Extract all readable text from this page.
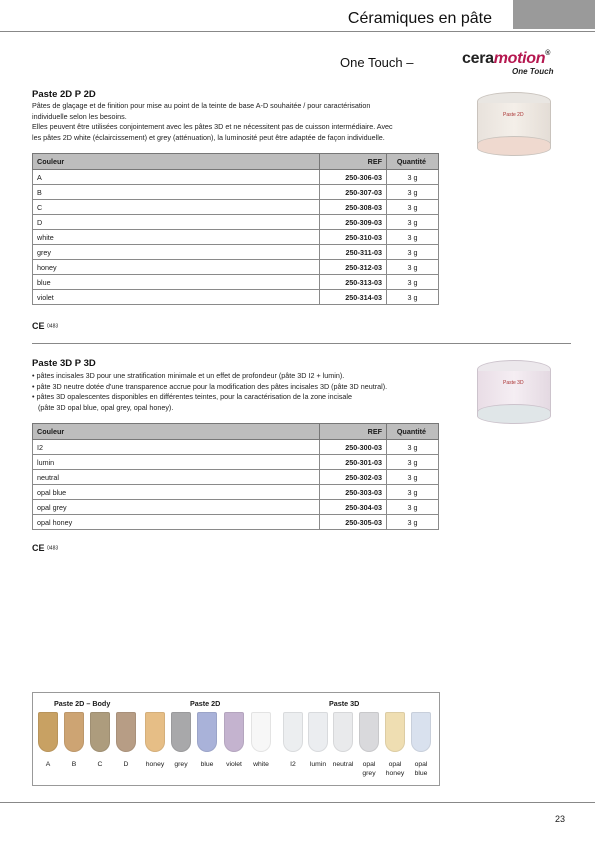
Céramiques en pâte
One Touch –	ceramotion®
One Touch
Paste 2D P 2D
Pâtes de glaçage et de finition pour mise au point de la teinte de base A-D souhaitée / pour caractérisation
individuelle selon les besoins.
Elles peuvent être utilisées conjointement avec les pâtes 3D et ne nécessitent pas de cuisson intermédiaire. Avec
les pâtes 2D white (éclaircissement) et grey (atténuation), la luminosité peut être adaptée de façon individuelle.
Paste 2D
Couleur	REF	Quantité
A	250-306-03	3 g
B	250-307-03	3 g
C	250-308-03	3 g
D	250-309-03	3 g
white	250-310-03	3 g
grey	250-311-03	3 g
honey	250-312-03	3 g
blue	250-313-03	3 g
violet	250-314-03	3 g
CE 0483
Paste 3D P 3D
• pâtes incisales 3D pour une stratification minimale et un effet de profondeur (pâte 3D I2 + lumin).
• pâte 3D neutre dotée d'une transparence accrue pour la modification des pâtes incisales 3D (pâte 3D neutral).
• pâtes 3D opalescentes disponibles en différentes teintes, pour la caractérisation de la zone incisale
(pâte 3D opal blue, opal grey, opal honey).
Paste 3D
Couleur	REF	Quantité
I2	250-300-03	3 g
lumin	250-301-03	3 g
neutral	250-302-03	3 g
opal blue	250-303-03	3 g
opal grey	250-304-03	3 g
opal honey	250-305-03	3 g
CE 0483
Paste 2D – Body	Paste 2D	Paste 3D
A	B	C	D	honey	grey	blue	violet	white	I2	lumin neutral	opal
grey
opal
honey
opal
blue
23
